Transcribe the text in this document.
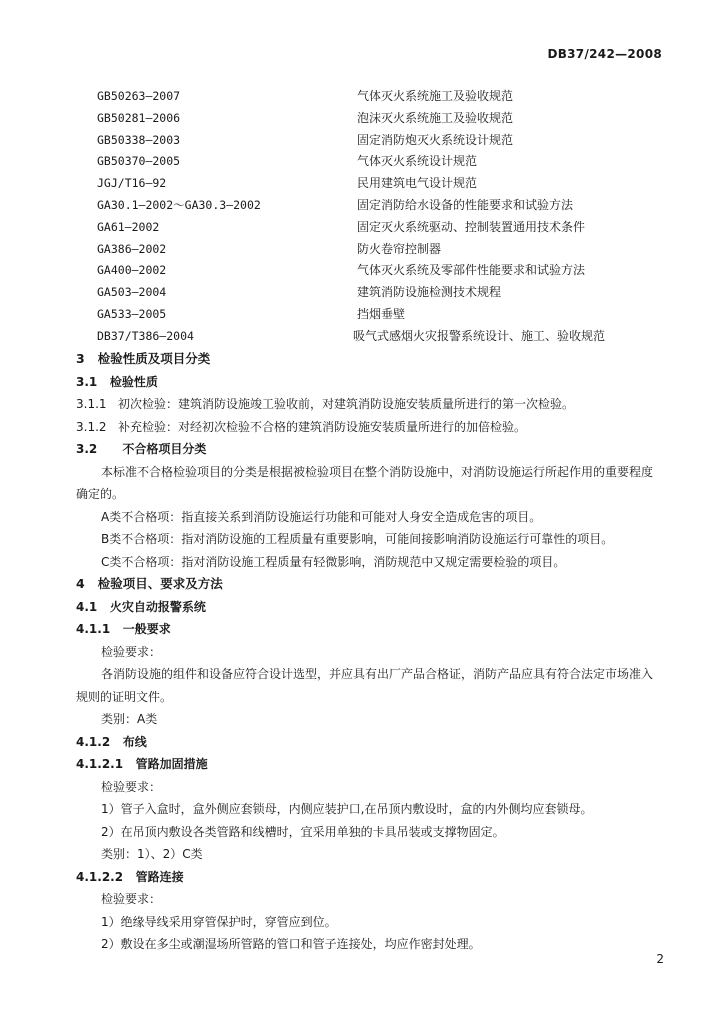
DB37/242—2008
GB50263—2007	气体灭火系统施工及验收规范
GB50281—2006	泡沫灭火系统施工及验收规范
GB50338—2003	固定消防炮灭火系统设计规范
GB50370—2005	气体灭火系统设计规范
JGJ/T16—92	民用建筑电气设计规范
GA30.1—2002～GA30.3—2002	固定消防给水设备的性能要求和试验方法
GA61—2002	固定灭火系统驱动、控制装置通用技术条件
GA386—2002	防火卷帘控制器
GA400—2002	气体灭火系统及零部件性能要求和试验方法
GA503—2004	建筑消防设施检测技术规程
GA533—2005	挡烟垂壁
DB37/T386—2004	吸气式感烟火灾报警系统设计、施工、验收规范
3 检验性质及项目分类
3.1 检验性质
3.1.1 初次检验：建筑消防设施竣工验收前，对建筑消防设施安装质量所进行的第一次检验。
3.1.2 补充检验：对经初次检验不合格的建筑消防设施安装质量所进行的加倍检验。
3.2 不合格项目分类
本标准不合格检验项目的分类是根据被检验项目在整个消防设施中，对消防设施运行所起作用的重要程度确定的。
A类不合格项：指直接关系到消防设施运行功能和可能对人身安全造成危害的项目。
B类不合格项：指对消防设施的工程质量有重要影响，可能间接影响消防设施运行可靠性的项目。
C类不合格项：指对消防设施工程质量有轻微影响，消防规范中又规定需要检验的项目。
4 检验项目、要求及方法
4.1 火灾自动报警系统
4.1.1 一般要求
检验要求：
各消防设施的组件和设备应符合设计选型，并应具有出厂产品合格证，消防产品应具有符合法定市场准入规则的证明文件。
类别：A类
4.1.2 布线
4.1.2.1 管路加固措施
检验要求：
1）管子入盒时，盒外侧应套锁母，内侧应装护口,在吊顶内敷设时，盒的内外侧均应套锁母。
2）在吊顶内敷设各类管路和线槽时，宜采用单独的卡具吊装或支撑物固定。
类别：1）、2）C类
4.1.2.2 管路连接
检验要求：
1）绝缘导线采用穿管保护时，穿管应到位。
2）敷设在多尘或潮湿场所管路的管口和管子连接处，均应作密封处理。
2
